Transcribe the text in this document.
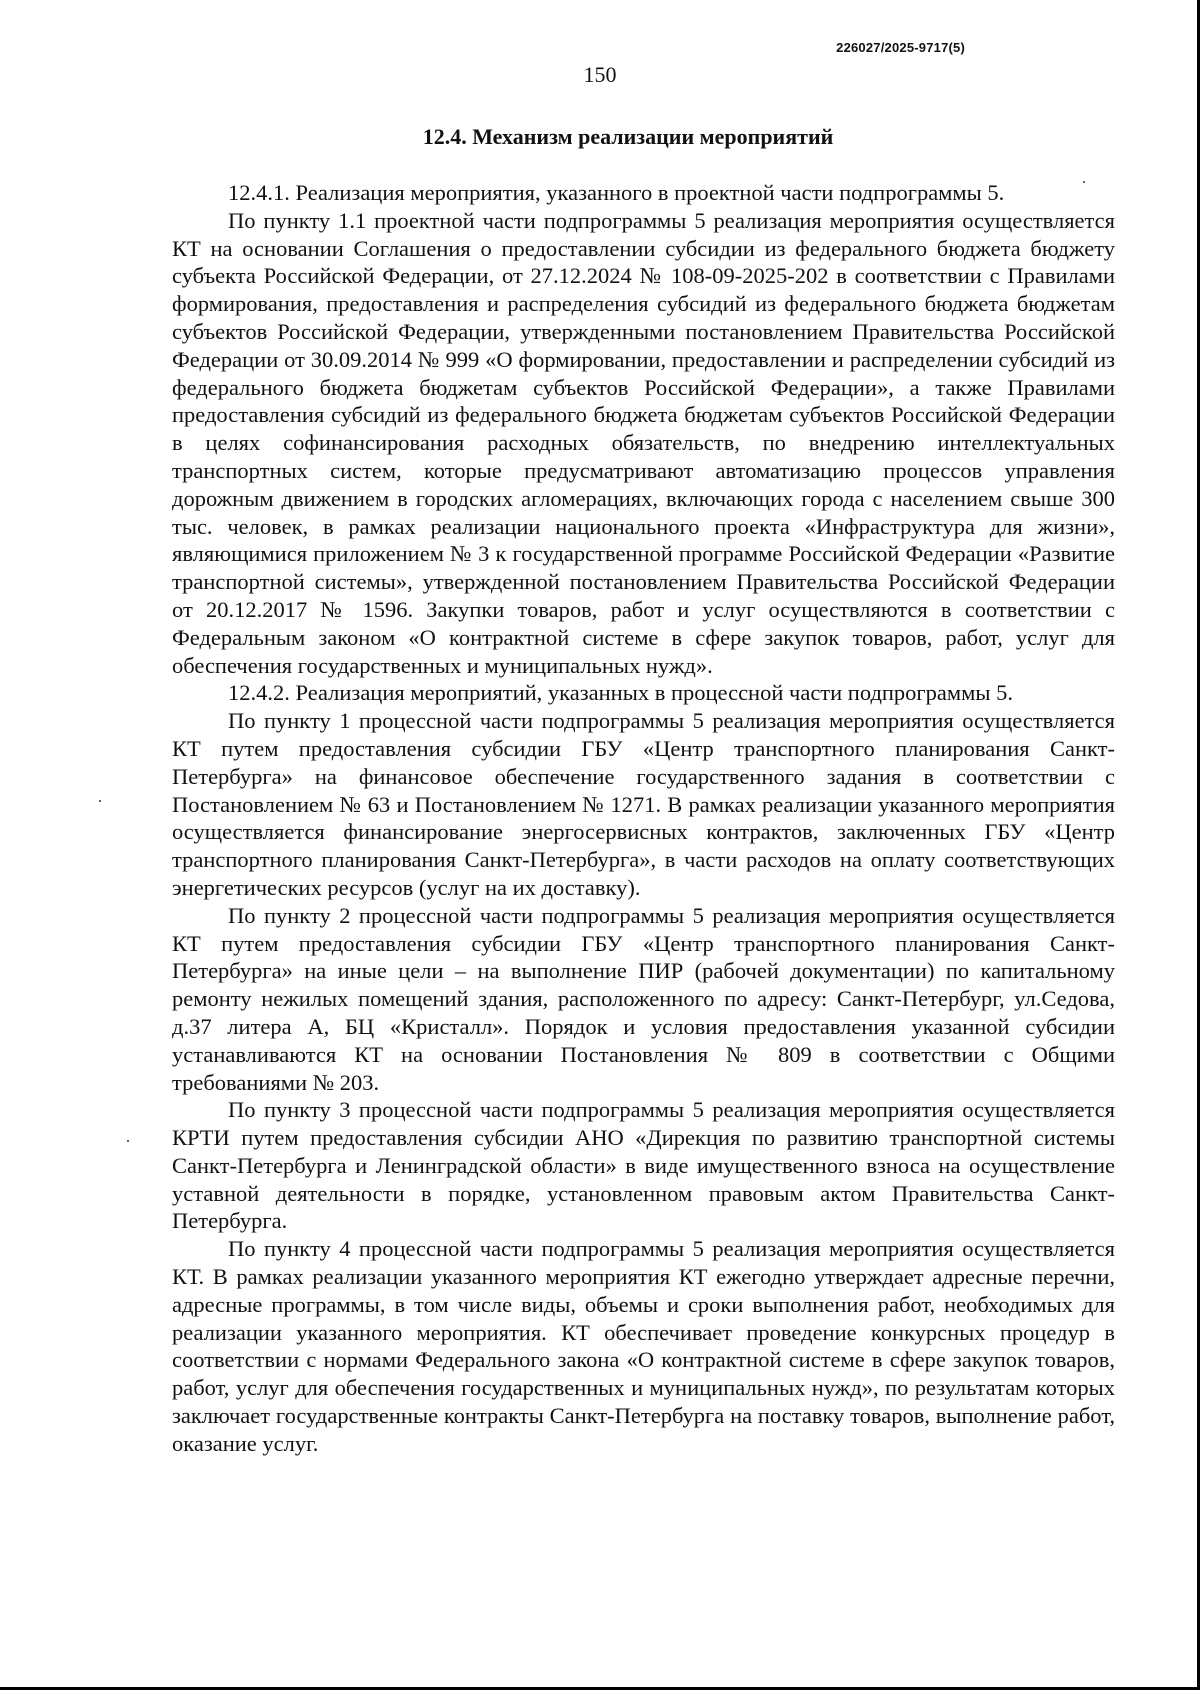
226027/2025-9717(5)
150
12.4. Механизм реализации мероприятий

12.4.1. Реализация мероприятия, указанного в проектной части подпрограммы 5.

По пункту 1.1 проектной части подпрограммы 5 реализация мероприятия осуществляется КТ на основании Соглашения о предоставлении субсидии из федерального бюджета бюджету субъекта Российской Федерации, от 27.12.2024 № 108-09-2025-202 в соответствии с Правилами формирования, предоставления и распределения субсидий из федерального бюджета бюджетам субъектов Российской Федерации, утвержденными постановлением Правительства Российской Федерации от 30.09.2014 № 999 «О формировании, предоставлении и распределении субсидий из федерального бюджета бюджетам субъектов Российской Федерации», а также Правилами предоставления субсидий из федерального бюджета бюджетам субъектов Российской Федерации в целях софинансирования расходных обязательств, по внедрению интеллектуальных транспортных систем, которые предусматривают автоматизацию процессов управления дорожным движением в городских агломерациях, включающих города с населением свыше 300 тыс. человек, в рамках реализации национального проекта «Инфраструктура для жизни», являющимися приложением № 3 к государственной программе Российской Федерации «Развитие транспортной системы», утвержденной постановлением Правительства Российской Федерации от 20.12.2017 № 1596. Закупки товаров, работ и услуг осуществляются в соответствии с Федеральным законом «О контрактной системе в сфере закупок товаров, работ, услуг для обеспечения государственных и муниципальных нужд».

12.4.2. Реализация мероприятий, указанных в процессной части подпрограммы 5.

По пункту 1 процессной части подпрограммы 5 реализация мероприятия осуществляется КТ путем предоставления субсидии ГБУ «Центр транспортного планирования Санкт-Петербурга» на финансовое обеспечение государственного задания в соответствии с Постановлением № 63 и Постановлением № 1271. В рамках реализации указанного мероприятия осуществляется финансирование энергосервисных контрактов, заключенных ГБУ «Центр транспортного планирования Санкт-Петербурга», в части расходов на оплату соответствующих энергетических ресурсов (услуг на их доставку).

По пункту 2 процессной части подпрограммы 5 реализация мероприятия осуществляется КТ путем предоставления субсидии ГБУ «Центр транспортного планирования Санкт-Петербурга» на иные цели – на выполнение ПИР (рабочей документации) по капитальному ремонту нежилых помещений здания, расположенного по адресу: Санкт-Петербург, ул.Седова, д.37 литера А, БЦ «Кристалл». Порядок и условия предоставления указанной субсидии устанавливаются КТ на основании Постановления № 809 в соответствии с Общими требованиями № 203.

По пункту 3 процессной части подпрограммы 5 реализация мероприятия осуществляется КРТИ путем предоставления субсидии АНО «Дирекция по развитию транспортной системы Санкт-Петербурга и Ленинградской области» в виде имущественного взноса на осуществление уставной деятельности в порядке, установленном правовым актом Правительства Санкт-Петербурга.

По пункту 4 процессной части подпрограммы 5 реализация мероприятия осуществляется КТ. В рамках реализации указанного мероприятия КТ ежегодно утверждает адресные перечни, адресные программы, в том числе виды, объемы и сроки выполнения работ, необходимых для реализации указанного мероприятия. КТ обеспечивает проведение конкурсных процедур в соответствии с нормами Федерального закона «О контрактной системе в сфере закупок товаров, работ, услуг для обеспечения государственных и муниципальных нужд», по результатам которых заключает государственные контракты Санкт-Петербурга на поставку товаров, выполнение работ, оказание услуг.
